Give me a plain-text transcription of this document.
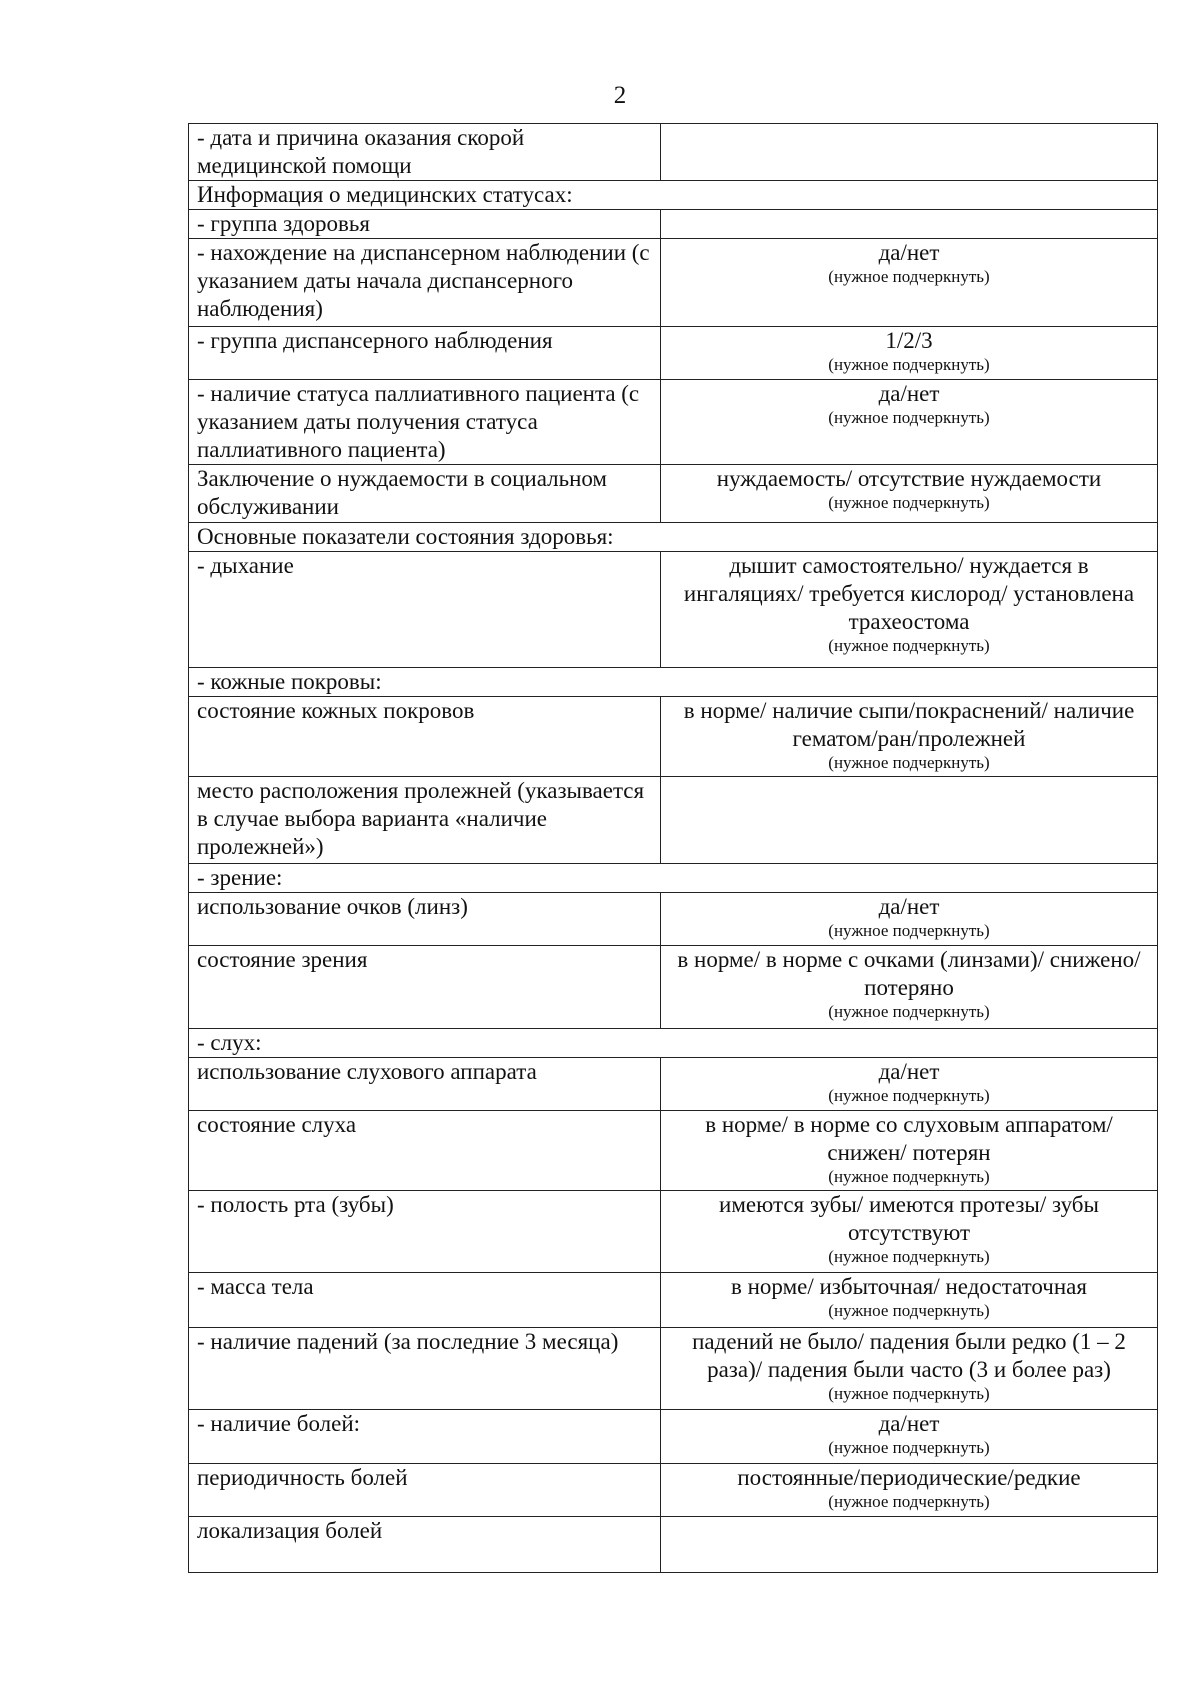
2
- дата и причина оказания скорой медицинской помощи	
Информация о медицинских статусах:	
- группа здоровья	
- нахождение на диспансерном наблюдении (с указанием даты начала диспансерного наблюдения)	да/нет
(нужное подчеркнуть)

- группа диспансерного наблюдения	1/2/3
(нужное подчеркнуть)

- наличие статуса паллиативного пациента (с указанием даты получения статуса паллиативного пациента)	да/нет
(нужное подчеркнуть)

Заключение о нуждаемости в социальном обслуживании	нуждаемость/ отсутствие нуждаемости
(нужное подчеркнуть)

Основные показатели состояния здоровья:	
- дыхание	дышит самостоятельно/ нуждается в ингаляциях/ требуется кислород/ установлена трахеостома
(нужное подчеркнуть)

- кожные покровы:	
состояние кожных покровов	в норме/ наличие сыпи/покраснений/ наличие гематом/ран/пролежней
(нужное подчеркнуть)

место расположения пролежней (указывается в случае выбора варианта «наличие пролежней»)	
- зрение:	
использование очков (линз)	да/нет
(нужное подчеркнуть)

состояние зрения	в норме/ в норме с очками (линзами)/ снижено/ потеряно
(нужное подчеркнуть)

- слух:	
использование слухового аппарата	да/нет
(нужное подчеркнуть)

состояние слуха	в норме/ в норме со слуховым аппаратом/ снижен/ потерян
(нужное подчеркнуть)

- полость рта (зубы)	имеются зубы/ имеются протезы/ зубы отсутствуют
(нужное подчеркнуть)

- масса тела	в норме/ избыточная/ недостаточная
(нужное подчеркнуть)

- наличие падений (за последние 3 месяца)	падений не было/ падения были редко (1 – 2 раза)/ падения были часто (3 и более раз)
(нужное подчеркнуть)

- наличие болей:	да/нет
(нужное подчеркнуть)

периодичность болей	постоянные/периодические/редкие
(нужное подчеркнуть)

локализация болей	
